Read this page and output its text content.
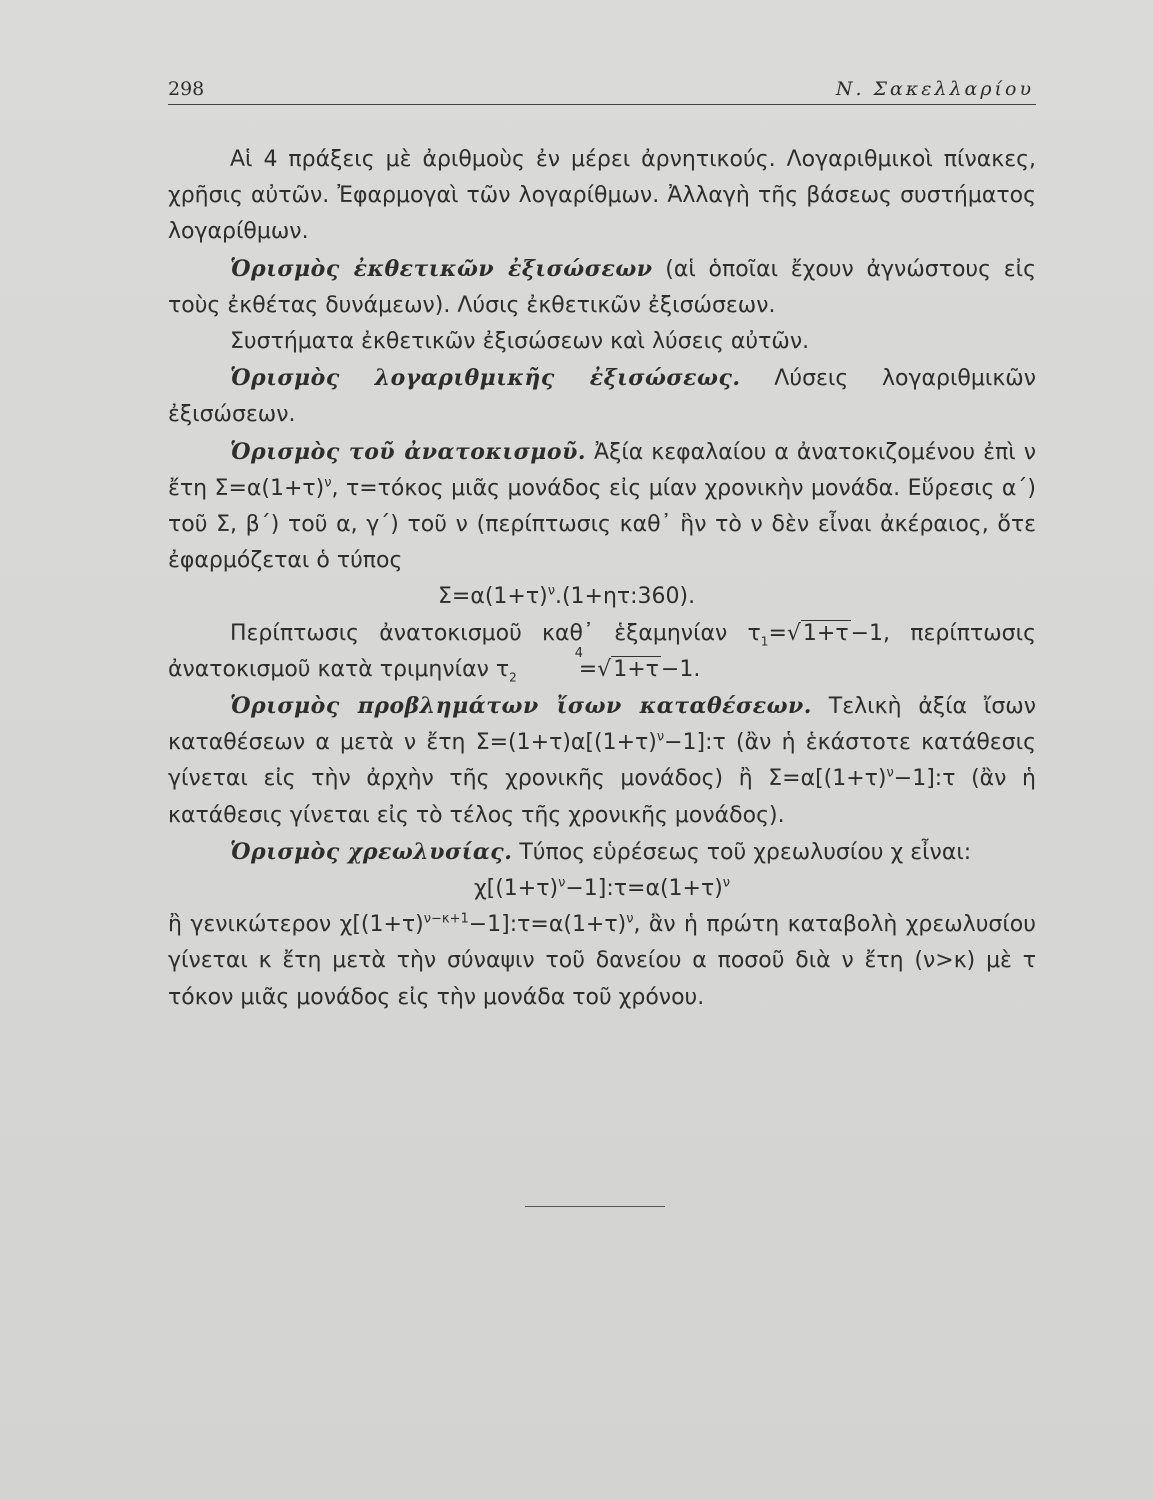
298	Ν. Σακελλαρίου

Αἱ 4 πράξεις μὲ ἀριθμοὺς ἐν μέρει ἀρνητικούς. Λογαριθμικοὶ πίνακες, χρῆσις αὐτῶν. Ἐφαρμογαὶ τῶν λογαρίθμων. Ἀλλαγὴ τῆς βάσεως συστήματος λογαρίθμων.

Ὁρισμὸς ἐκθετικῶν ἐξισώσεων (αἱ ὁποῖαι ἔχουν ἀγνώστους εἰς τοὺς ἐκθέτας δυνάμεων). Λύσις ἐκθετικῶν ἐξισώσεων.

Συστήματα ἐκθετικῶν ἐξισώσεων καὶ λύσεις αὐτῶν.

Ὁρισμὸς λογαριθμικῆς ἐξισώσεως. Λύσεις λογαριθμικῶν ἐξισώσεων.

Ὁρισμὸς τοῦ ἀνατοκισμοῦ. Ἀξία κεφαλαίου α ἀνατοκιζομένου ἐπὶ ν ἔτη $\Sigma=\alpha(1+\tau)^\nu$, τ=τόκος μιᾶς μονάδος εἰς μίαν χρονικὴν μονάδα. Εὕρεσις α΄) τοῦ Σ, β΄) τοῦ α, γ΄) τοῦ ν (περίπτωσις καθ᾽ ἣν τὸ ν δὲν εἶναι ἀκέραιος, ὅτε ἐφαρμόζεται ὁ τύπος

$\Sigma=\alpha(1+\tau)^\nu.(1+\eta\tau:360)$.

Περίπτωσις ἀνατοκισμοῦ καθ᾽ ἑξαμηνίαν $\tau_1=√1+\tau-1$, περίπτωσις ἀνατοκισμοῦ κατὰ τριμηνίαν $\tau_2$
4
=√1+τ−1.

Ὁρισμὸς προβλημάτων ἴσων καταθέσεων. Τελικὴ ἀξία ἴσων καταθέσεων α μετὰ ν ἔτη $\Sigma=(1+\tau)\alpha[(1+\tau)^\nu-1]:\tau$ (ἂν ἡ ἑκάστοτε κατάθεσις γίνεται εἰς τὴν ἀρχὴν τῆς χρονικῆς μονάδος) ἢ $\Sigma=\alpha[(1+\tau)^\nu-1]:\tau$ (ἂν ἡ κατάθεσις γίνεται εἰς τὸ τέλος τῆς χρονικῆς μονάδος).

Ὁρισμὸς χρεωλυσίας. Τύπος εὑρέσεως τοῦ χρεωλυσίου χ εἶναι:

$\chi[(1+\tau)^\nu-1]:\tau=\alpha(1+\tau)^\nu$

ἢ γενικώτερον $\chi[(1+\tau)^{\nu-\kappa+1}-1]:\tau=\alpha(1+\tau)^\nu$, ἂν ἡ πρώτη καταβολὴ χρεωλυσίου γίνεται κ ἔτη μετὰ τὴν σύναψιν τοῦ δανείου α ποσοῦ διὰ ν ἔτη (ν>κ) μὲ τ τόκον μιᾶς μονάδος εἰς τὴν μονάδα τοῦ χρόνου.
